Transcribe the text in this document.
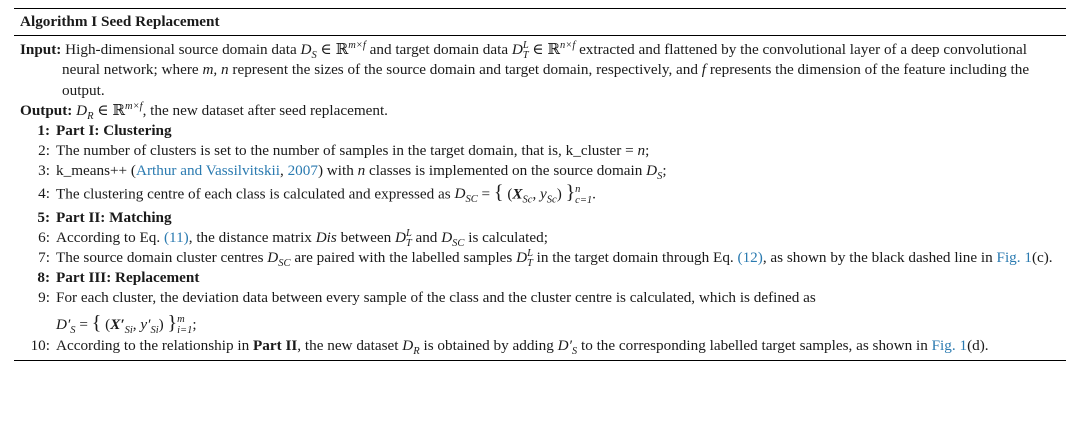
Algorithm I Seed Replacement
Input: High-dimensional source domain data $D_S$ ∈ ℝ$^{m\times f}$ and target domain data $D^L_T$ ∈ ℝ$^{n\times f}$ extracted and flattened by the convolutional layer of a deep convolutional neural network; where m, n represent the sizes of the source domain and target domain, respectively, and f represents the dimension of the feature including the output.
Output: $D_R$ ∈ ℝ$^{m\times f}$, the new dataset after seed replacement.
1: Part I: Clustering
2: The number of clusters is set to the number of samples in the target domain, that is, k_cluster = n;
3: k_means++ (Arthur and Vassilvitskii, 2007) with n classes is implemented on the source domain $D_S$;
4: The clustering centre of each class is calculated and expressed as $D_{SC}$ = { ($X_{Sc}$, $y_{Sc}$) } n
c=1 .
5: Part II: Matching
6: According to Eq. (11), the distance matrix Dis between $D^L_T$ and $D_{SC}$ is calculated;
7: The source domain cluster centres $D_{SC}$ are paired with the labelled samples $D^L_T$ in the target domain through Eq. (12), as shown by the black dashed line in Fig. 1(c).
8: Part III: Replacement
9: For each cluster, the deviation data between every sample of the class and the cluster centre is calculated, which is defined as
$D'_S$ = { ($X'_{Si}$, $y'_{Si}$) } m
i=1 ;
10: According to the relationship in Part II, the new dataset $D_R$ is obtained by adding $D'_S$ to the corresponding labelled target samples, as shown in Fig. 1(d).
